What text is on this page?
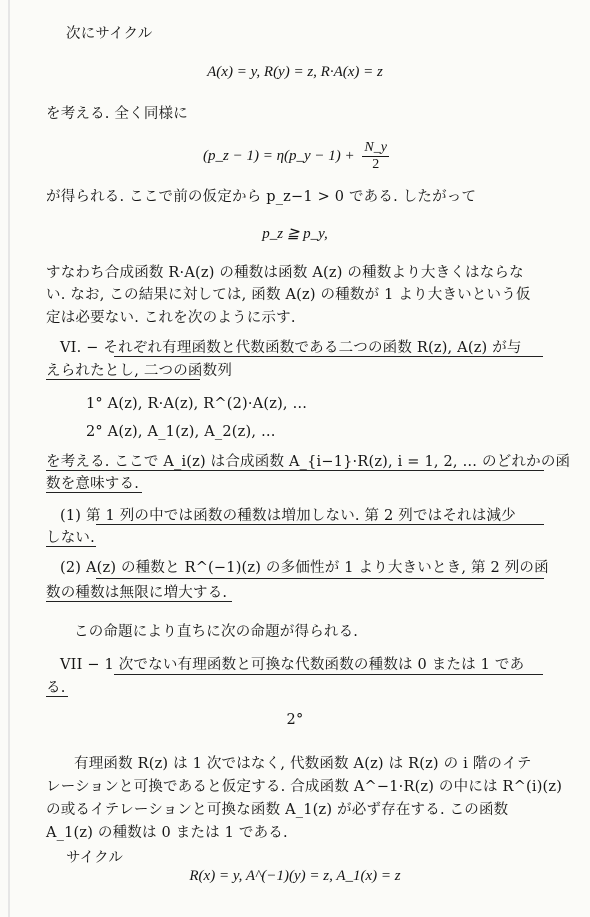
次にサイクル
A(x) = y, R(y) = z, R·A(x) = z
を考える. 全く同様に
(p_z − 1) = η(p_y − $1) + \frac{N\_y}{2}$
が得られる. ここで前の仮定から p_z−1 > 0 である. したがって
p_z ≧ p_y,
すなわち合成函数 R·A(z) の種数は函数 A(z) の種数より大きくはならな
い. なお, この結果に対しては, 函数 A(z) の種数が 1 より大きいという仮
定は必要ない. これを次のように示す.
VI. − それぞれ有理函数と代数函数である二つの函数 R(z), A(z) が与
えられたとし, 二つの函数列
1° A(z), R·A(z), R^(2)·A(z), …
2° A(z), A_1(z), A_2(z), …
を考える. ここで A_i(z) は合成函数 A_{i−1}·R(z), i = 1, 2, … のどれかの函
数を意味する.
(1) 第 1 列の中では函数の種数は増加しない. 第 2 列ではそれは減少
しない.
(2) A(z) の種数と R^(−1)(z) の多価性が 1 より大きいとき, 第 2 列の函
数の種数は無限に増大する.
この命題により直ちに次の命題が得られる.
VII − 1 次でない有理函数と可換な代数函数の種数は 0 または 1 であ
る.
2°
有理函数 R(z) は 1 次ではなく, 代数函数 A(z) は R(z) の i 階のイテ
レーションと可換であると仮定する. 合成函数 A^−1·R(z) の中には R^(i)(z)
の或るイテレーションと可換な函数 A_1(z) が必ず存在する. この函数
A_1(z) の種数は 0 または 1 である.
サイクル
R(x) = y, A^(−1)(y) = z, A_1(x) = z
